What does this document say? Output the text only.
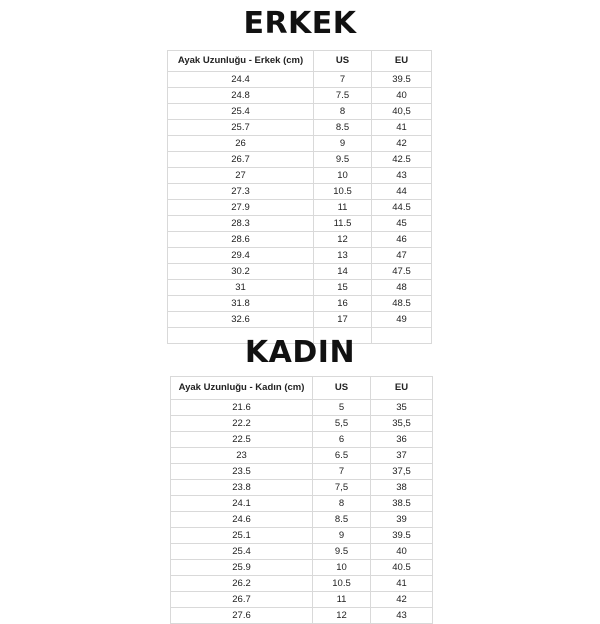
ERKEK
Ayak Uzunluğu - Erkek (cm)	US	EU
24.4	7	39.5
24.8	7.5	40
25.4	8	40,5
25.7	8.5	41
26	9	42
26.7	9.5	42.5
27	10	43
27.3	10.5	44
27.9	11	44.5
28.3	11.5	45
28.6	12	46
29.4	13	47
30.2	14	47.5
31	15	48
31.8	16	48.5
32.6	17	49

KADIN
Ayak Uzunluğu - Kadın (cm)	US	EU
21.6	5	35
22.2	5,5	35,5
22.5	6	36
23	6.5	37
23.5	7	37,5
23.8	7,5	38
24.1	8	38.5
24.6	8.5	39
25.1	9	39.5
25.4	9.5	40
25.9	10	40.5
26.2	10.5	41
26.7	11	42
27.6	12	43
